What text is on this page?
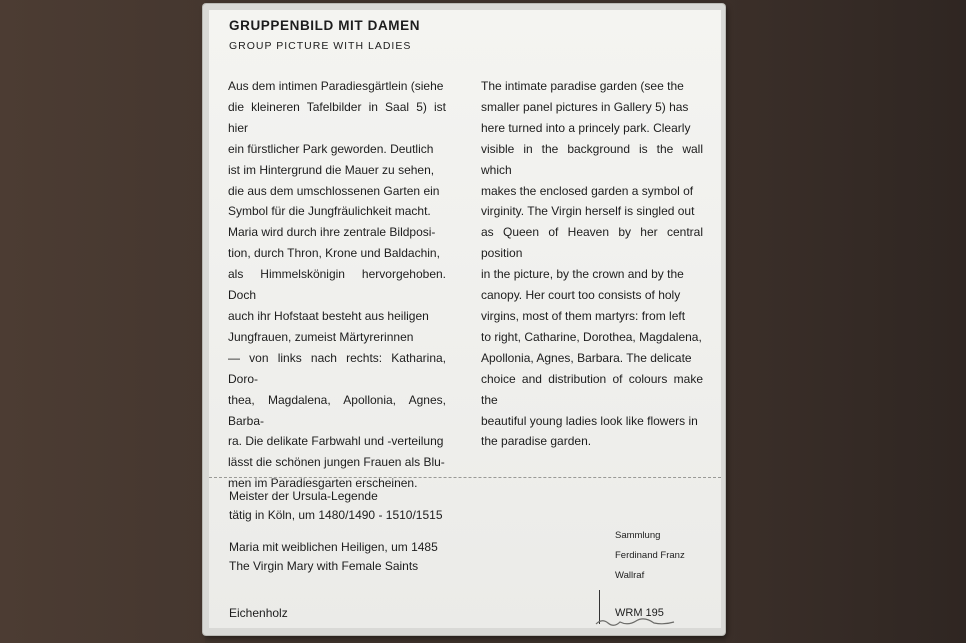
GRUPPENBILD MIT DAMEN
GROUP PICTURE WITH LADIES
Aus dem intimen Paradiesgärtlein (siehe
die kleineren Tafelbilder in Saal 5) ist hier
ein fürstlicher Park geworden. Deutlich
ist im Hintergrund die Mauer zu sehen,
die aus dem umschlossenen Garten ein
Symbol für die Jungfräulichkeit macht.
Maria wird durch ihre zentrale Bildposi-
tion, durch Thron, Krone und Baldachin,
als Himmelskönigin hervorgehoben. Doch
auch ihr Hofstaat besteht aus heiligen
Jungfrauen, zumeist Märtyrerinnen
— von links nach rechts: Katharina, Doro-
thea, Magdalena, Apollonia, Agnes, Barba-
ra. Die delikate Farbwahl und -verteilung
lässt die schönen jungen Frauen als Blu-
men im Paradiesgarten erscheinen.
The intimate paradise garden (see the
smaller panel pictures in Gallery 5) has
here turned into a princely park. Clearly
visible in the background is the wall which
makes the enclosed garden a symbol of
virginity. The Virgin herself is singled out
as Queen of Heaven by her central position
in the picture, by the crown and by the
canopy. Her court too consists of holy
virgins, most of them martyrs: from left
to right, Catharine, Dorothea, Magdalena,
Apollonia, Agnes, Barbara. The delicate
choice and distribution of colours make the
beautiful young ladies look like flowers in
the paradise garden.
Meister der Ursula-Legende
tätig in Köln, um 1480/1490 - 1510/1515
Maria mit weiblichen Heiligen, um 1485
The Virgin Mary with Female Saints
Eichenholz
Sammlung
Ferdinand Franz
Wallraf
WRM 195
